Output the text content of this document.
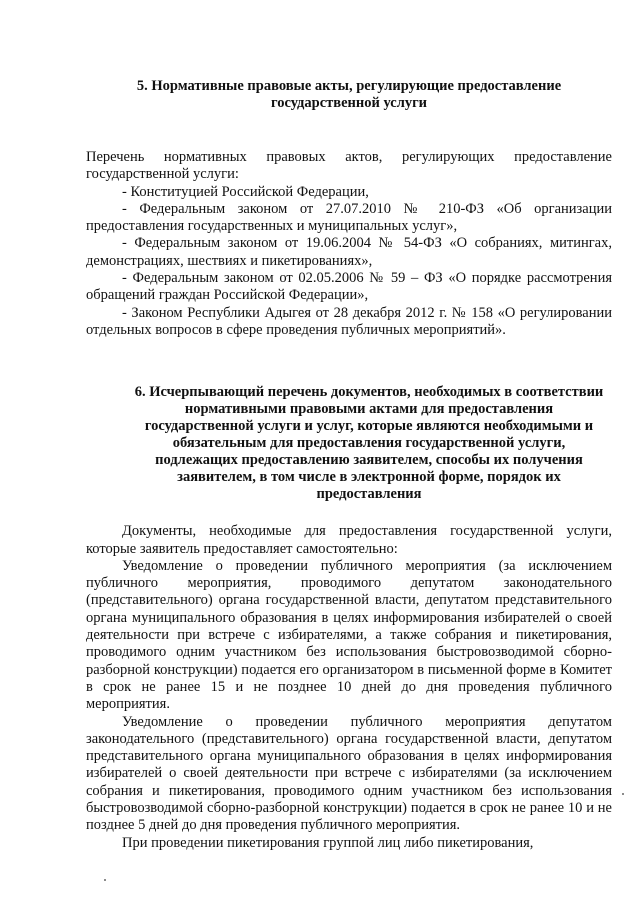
5. Нормативные правовые акты, регулирующие предоставление
государственной услуги

Перечень нормативных правовых актов, регулирующих предоставление государственной услуги:

- Конституцией Российской Федерации,

- Федеральным законом от 27.07.2010 № 210-ФЗ «Об организации предоставления государственных и муниципальных услуг»,

- Федеральным законом от 19.06.2004 № 54-ФЗ «О собраниях, митингах, демонстрациях, шествиях и пикетированиях»,

- Федеральным законом от 02.05.2006 № 59 – ФЗ «О порядке рассмотрения обращений граждан Российской Федерации»,

- Законом Республики Адыгея от 28 декабря 2012 г. № 158 «О регулировании отдельных вопросов в сфере проведения публичных мероприятий».

6. Исчерпывающий перечень документов, необходимых в соответствии нормативными правовыми актами для предоставления государственной услуги и услуг, которые являются необходимыми и обязательным для предоставления государственной услуги, подлежащих предоставлению заявителем, способы их получения заявителем, в том числе в электронной форме, порядок их предоставления

Документы, необходимые для предоставления государственной услуги, которые заявитель предоставляет самостоятельно:

Уведомление о проведении публичного мероприятия (за исключением публичного мероприятия, проводимого депутатом законодательного (представительного) органа государственной власти, депутатом представительного органа муниципального образования в целях информирования избирателей о своей деятельности при встрече с избирателями, а также собрания и пикетирования, проводимого одним участником без использования быстровозводимой сборно-разборной конструкции) подается его организатором в письменной форме в Комитет в срок не ранее 15 и не позднее 10 дней до дня проведения публичного мероприятия.

Уведомление о проведении публичного мероприятия депутатом законодательного (представительного) органа государственной власти, депутатом представительного органа муниципального образования в целях информирования избирателей о своей деятельности при встрече с избирателями (за исключением собрания и пикетирования, проводимого одним участником без использования быстровозводимой сборно-разборной конструкции) подается в срок не ранее 10 и не позднее 5 дней до дня проведения публичного мероприятия.

При проведении пикетирования группой лиц либо пикетирования,
